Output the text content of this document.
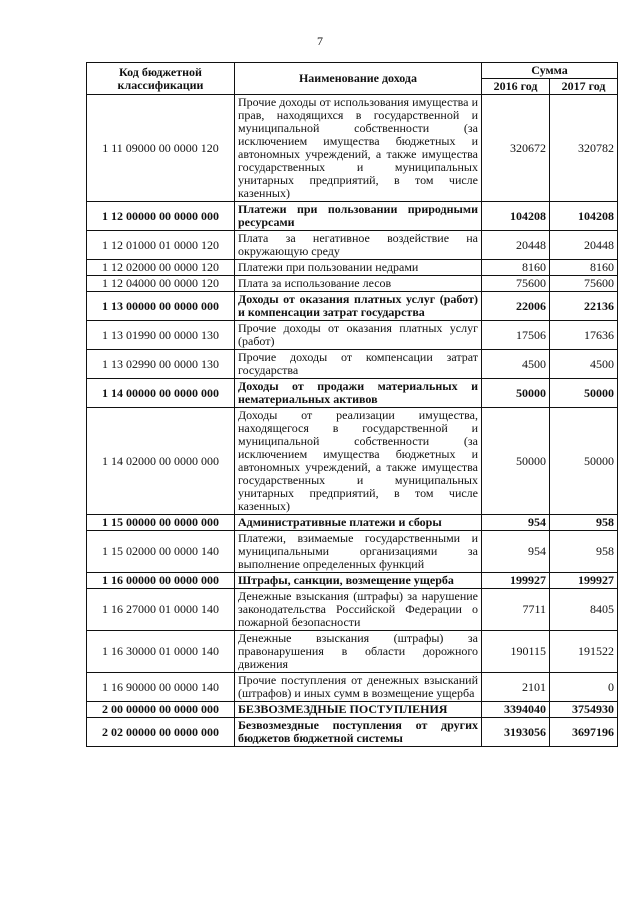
7
Код бюджетной классификации	Наименование дохода	Сумма	
		2016 год	2017 год
1 11 09000 00 0000 120	Прочие доходы от использования имущества и прав, находящихся в государственной и муниципальной собственности (за исключением имущества бюджетных и автономных учреждений, а также имущества государственных и муниципальных унитарных предприятий, в том числе казенных)	320672	320782
1 12 00000 00 0000 000	Платежи при пользовании природными ресурсами	104208	104208
1 12 01000 01 0000 120	Плата за негативное воздействие на окружающую среду	20448	20448
1 12 02000 00 0000 120	Платежи при пользовании недрами	8160	8160
1 12 04000 00 0000 120	Плата за использование лесов	75600	75600
1 13 00000 00 0000 000	Доходы от оказания платных услуг (работ) и компенсации затрат государства	22006	22136
1 13 01990 00 0000 130	Прочие доходы от оказания платных услуг (работ)	17506	17636
1 13 02990 00 0000 130	Прочие доходы от компенсации затрат государства	4500	4500
1 14 00000 00 0000 000	Доходы от продажи материальных и нематериальных активов	50000	50000
1 14 02000 00 0000 000	Доходы от реализации имущества, находящегося в государственной и муниципальной собственности (за исключением имущества бюджетных и автономных учреждений, а также имущества государственных и муниципальных унитарных предприятий, в том числе казенных)	50000	50000
1 15 00000 00 0000 000	Административные платежи и сборы	954	958
1 15 02000 00 0000 140	Платежи, взимаемые государственными и муниципальными организациями за выполнение определенных функций	954	958
1 16 00000 00 0000 000	Штрафы, санкции, возмещение ущерба	199927	199927
1 16 27000 01 0000 140	Денежные взыскания (штрафы) за нарушение законодательства Российской Федерации о пожарной безопасности	7711	8405
1 16 30000 01 0000 140	Денежные взыскания (штрафы) за правонарушения в области дорожного движения	190115	191522
1 16 90000 00 0000 140	Прочие поступления от денежных взысканий (штрафов) и иных сумм в возмещение ущерба	2101	0
2 00 00000 00 0000 000	БЕЗВОЗМЕЗДНЫЕ ПОСТУПЛЕНИЯ	3394040	3754930
2 02 00000 00 0000 000	Безвозмездные поступления от других бюджетов бюджетной системы	3193056	3697196
